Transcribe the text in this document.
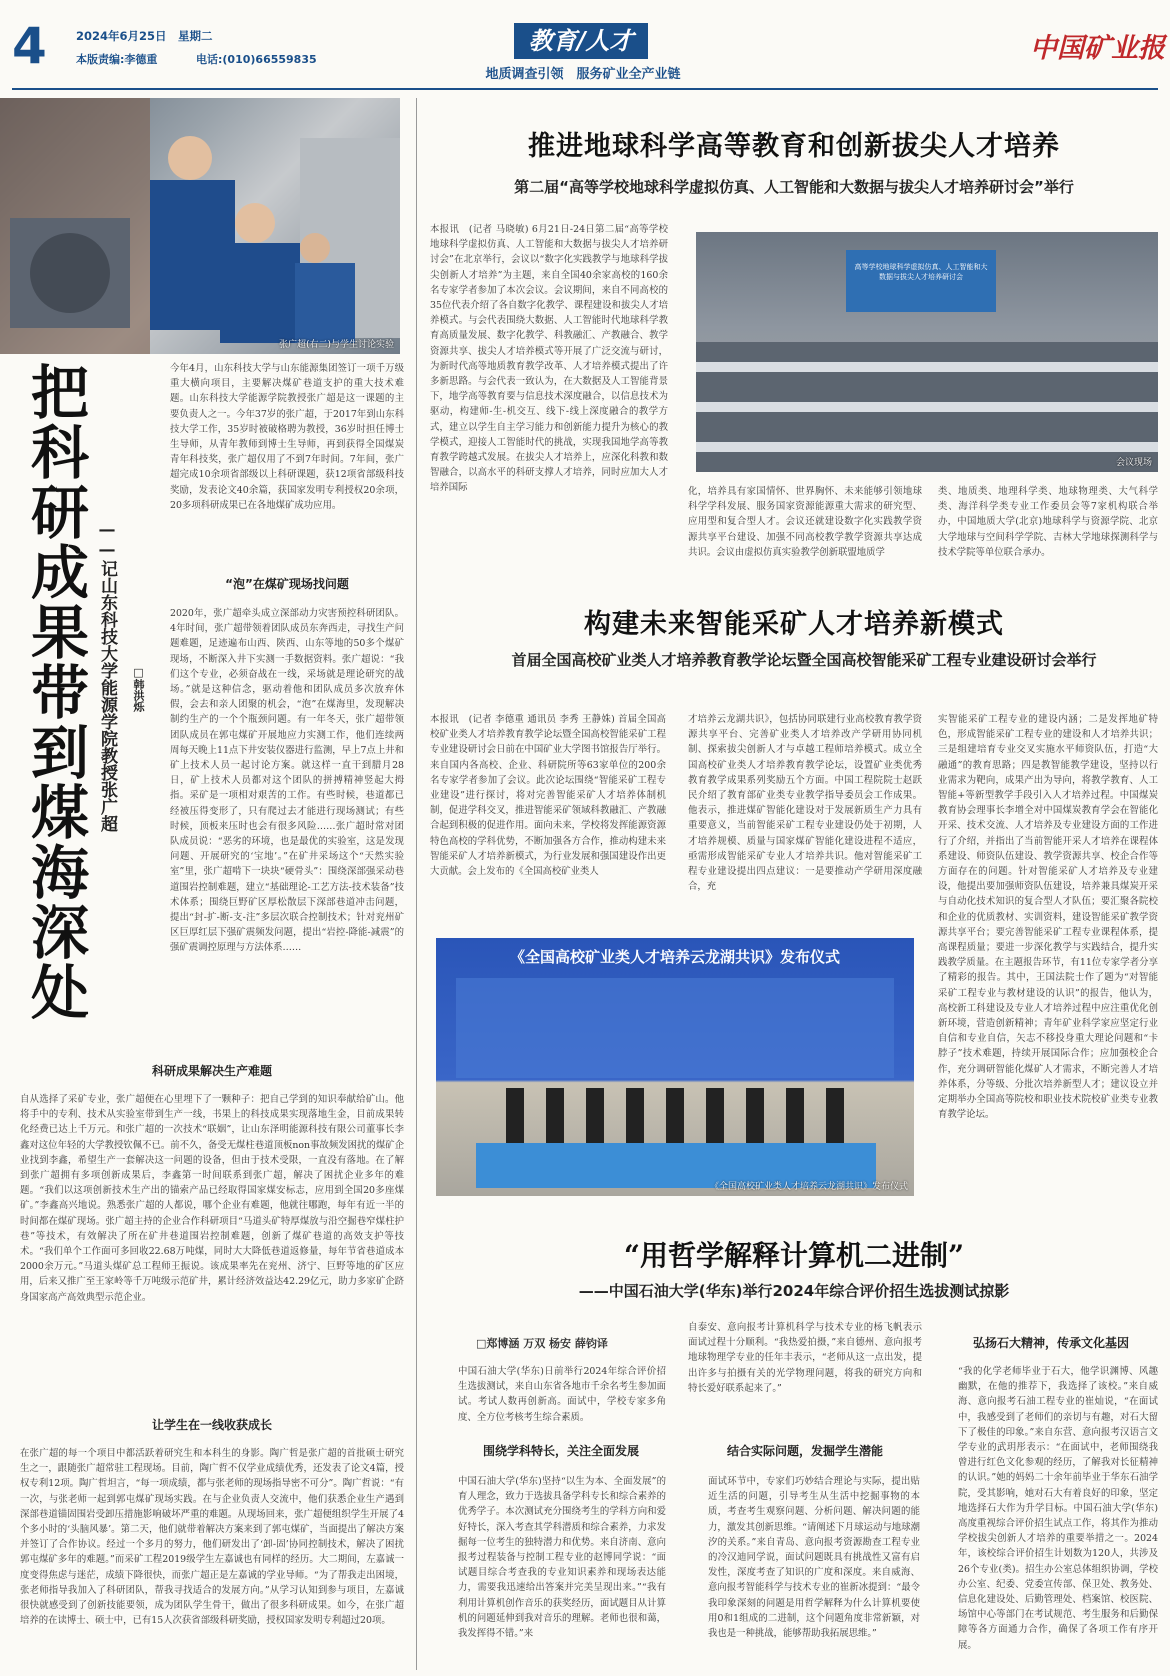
4	2024年6月25日　星期二
本版责编:李德重	电话:(010)66559835
教育/人才
地质调查引领　服务矿业全产业链
中国矿业报
张广超(右二)与学生讨论实验
把科研成果带到煤海深处 ——记山东科技大学能源学院教授张广超 □韩洪烁
今年4月，山东科技大学与山东能源集团签订一项千万级重大横向项目，主要解决煤矿巷道支护的重大技术难题。山东科技大学能源学院教授张广超是这一课题的主要负责人之一。今年37岁的张广超，于2017年到山东科技大学工作，35岁时被破格聘为教授，36岁时担任博士生导师，从青年教师到博士生导师，再到获得全国煤炭青年科技奖，张广超仅用了不到7年时间。7年间，张广超完成10余项省部级以上科研课题，获12项省部级科技奖励，发表论文40余篇，获国家发明专利授权20余项，20多项科研成果已在各地煤矿成功应用。
“泡”在煤矿现场找问题
2020年，张广超牵头成立深部动力灾害预控科研团队。4年时间，张广超带领着团队成员东奔西走，寻找生产问题难题，足迹遍布山西、陕西、山东等地的50多个煤矿现场，不断深入井下实测一手数据资料。张广超说：“我们这个专业，必须奋战在一线，采场就是理论研究的战场。”就是这种信念，驱动着他和团队成员多次放弃休假，会去和亲人团聚的机会，“泡”在煤海里，发现解决制约生产的一个个瓶颈问题。有一年冬天，张广超带领团队成员在郭屯煤矿开展地应力实测工作，他们连续两周每天晚上11点下井安装仪器进行监测，早上7点上井和矿上技术人员一起讨论方案。就这样一直干到腊月28日，矿上技术人员都对这个团队的拼搏精神竖起大拇指。采矿是一项相对艰苦的工作。有些时候，巷道都已经被压得变形了，只有爬过去才能进行现场测试；有些时候，顶板来压时也会有很多风险……张广超时常对团队成员说：“恶劣的环境，也是最优的实验室，这是发现问题、开展研究的‘宝地’。”在矿井采场这个“天然实验室”里，张广超啃下一块块“硬骨头”：围绕深部强采动巷道围岩控制难题，建立“基础理论-工艺方法-技术装备”技术体系；围绕巨野矿区厚松散层下深部巷道冲击问题，提出“封-扩-断-支-注”多层次联合控制技术；针对兖州矿区巨厚红层下强矿震频发问题，提出“岩控-降能-减震”的强矿震调控原理与方法体系……
科研成果解决生产难题
自从选择了采矿专业，张广超便在心里埋下了一颗种子：把自己学到的知识奉献给矿山。他将手中的专利、技术从实验室带到生产一线，书果上的科技成果实现落地生金，目前成果转化经费已达上千万元。和张广超的一次技术“联姻”，让山东泽明能源科技有限公司董事长李鑫对这位年轻的大学教授钦佩不已。前不久，备受无煤柱巷道顶板non事故频发困扰的煤矿企业找到李鑫，希望生产一套解决这一问题的设备，但由于技术受限，一直没有落地。在了解到张广超拥有多项创新成果后，李鑫第一时间联系到张广超，解决了困扰企业多年的难题。“我们以这项创新技术生产出的锚索产品已经取得国家煤安标志，应用到全国20多座煤矿。”李鑫高兴地说。熟悉张广超的人都说，哪个企业有难题，他就往哪跑，每年有近一半的时间都在煤矿现场。张广超主持的企业合作科研项目“马道头矿特厚煤放与沿空掘巷窄煤柱护巷”等技术，有效解决了所在矿井巷道围岩控制难题，创新了煤矿巷道的高效支护等技术。“我们单个工作面可多回收22.68万吨煤，同时大大降低巷道返修量，每年节省巷道成本2000余万元。”马道头煤矿总工程师王振说。该成果率先在兖州、济宁、巨野等地的矿区应用，后来又推广至王家岭等千万吨级示范矿井，累计经济效益达42.29亿元，助力多家矿企跻身国家高产高效典型示范企业。
让学生在一线收获成长
在张广超的每一个项目中都活跃着研究生和本科生的身影。陶广哲是张广超的首批硕士研究生之一，跟随张广超常驻工程现场。目前，陶广哲不仅学业成绩优秀，还发表了论文4篇，授权专利12项。陶广哲坦言，“每一项成绩，都与张老师的现场指导密不可分”。陶广哲说：“有一次，与张老师一起到郭屯煤矿现场实践。在与企业负责人交流中，他们获悉企业生产遇到深部巷道锚固围岩受卸压措施影响破坏严重的难题。从现场回来，张广超便组织学生开展了4个多小时的‘头脑风暴’。第二天，他们就带着解决方案来到了郭屯煤矿，当面提出了解决方案并签订了合作协议。经过一个多月的努力，他们研发出了‘卸-固’协同控制技术，解决了困扰郭屯煤矿多年的难题。”而采矿工程2019级学生左嘉诚也有同样的经历。大二期间，左嘉诚一度变得焦虑与迷茫，成绩下降很快，而张广超正是左嘉诚的学业导师。“为了帮我走出困境，张老师指导我加入了科研团队，帮我寻找适合的发展方向。”从学习认知到参与项目，左嘉诚很快就感受到了创新技能要领，成为团队学生骨干，做出了很多科研成果。如今，在张广超培养的在读博士、硕士中，已有15人次获省部级科研奖励，授权国家发明专利超过20项。
推进地球科学高等教育和创新拔尖人才培养
第二届“高等学校地球科学虚拟仿真、人工智能和大数据与拔尖人才培养研讨会”举行
本报讯　(记者 马晓敏) 6月21日-24日第二届“高等学校地球科学虚拟仿真、人工智能和大数据与拔尖人才培养研讨会”在北京举行，会议以“数字化实践教学与地球科学拔尖创新人才培养”为主题，来自全国40余家高校的160余名专家学者参加了本次会议。会议期间，来自不同高校的35位代表介绍了各自数字化教学、课程建设和拔尖人才培养模式。与会代表围绕大数据、人工智能时代地球科学教育高质量发展、数字化教学、科教融汇、产教融合、教学资源共享、拔尖人才培养模式等开展了广泛交流与研讨，为新时代高等地质教育教学改革、人才培养模式提出了许多新思路。与会代表一致认为，在大数据及人工智能背景下，地学高等教育要与信息技术深度融合，以信息技术为驱动，构建师-生-机交互、线下-线上深度融合的教学方式，建立以学生自主学习能力和创新能力提升为核心的教学模式，迎接人工智能时代的挑战，实现我国地学高等教育教学跨越式发展。在拔尖人才培养上，应深化科教和数智融合，以高水平的科研支撑人才培养，同时应加大人才培养国际
高等学校地球科学虚拟仿真、人工智能和大数据与拔尖人才培养研讨会
会议现场
化，培养具有家国情怀、世界胸怀、未来能够引领地球科学学科发展、服务国家资源能源重大需求的研究型、应用型和复合型人才。会议还就建设数字化实践教学资源共享平台建设、加强不同高校教学教学资源共享达成共识。会议由虚拟仿真实验教学创新联盟地质学
类、地质类、地理科学类、地球物理类、大气科学类、海洋科学类专业工作委员会等7家机构联合举办，中国地质大学(北京)地球科学与资源学院、北京大学地球与空间科学学院、吉林大学地球探测科学与技术学院等单位联合承办。
构建未来智能采矿人才培养新模式
首届全国高校矿业类人才培养教育教学论坛暨全国高校智能采矿工程专业建设研讨会举行
本报讯　(记者 李德重 通讯员 李秀 王静姝) 首届全国高校矿业类人才培养教育教学论坛暨全国高校智能采矿工程专业建设研讨会日前在中国矿业大学图书馆报告厅举行。来自国内各高校、企业、科研院所等63家单位的200余名专家学者参加了会议。此次论坛围绕“智能采矿工程专业建设”进行探讨，将对完善智能采矿人才培养体制机制，促进学科交叉，推进智能采矿领域科教融汇、产教融合起到积极的促进作用。面向未来，学校将发挥能源资源特色高校的学科优势，不断加强各方合作，推动构建未来智能采矿人才培养新模式，为行业发展和强国建设作出更大贡献。会上发布的《全国高校矿业类人
才培养云龙湖共识》，包括协同联建行业高校教育教学资源共享平台、完善矿业类人才培养改产学研用协同机制、探索拔尖创新人才与卓越工程师培养模式。成立全国高校矿业类人才培养教育教学论坛，设置矿业类优秀教育教学成果系列奖励五个方面。中国工程院院士赵跃民介绍了教育部矿业类专业教学指导委员会工作成果。他表示，推进煤矿智能化建设对于发展新质生产力具有重要意义，当前智能采矿工程专业建设仍处于初期，人才培养规模、质量与国家煤矿智能化建设进程不适应，亟需形成智能采矿专业人才培养共识。他对智能采矿工程专业建设提出四点建议：一是要推动产学研用深度融合，充
实智能采矿工程专业的建设内涵；二是发挥地矿特色，形成智能采矿工程专业的建设和人才培养共识；三是组建培育专业交叉实施水平师资队伍，打造“大融通”的教育思路；四是教智能教学建设，坚持以行业需求为靶向，成果产出为导向，将教学教育、人工智能+等新型教学手段引入人才培养过程。中国煤炭教育协会理事长李增全对中国煤炭教育学会在智能化开采、技术交流、人才培养及专业建设方面的工作进行了介绍，并指出了当前智能开采人才培养在课程体系建设、师资队伍建设、教学资源共享、校企合作等方面存在的问题。针对智能采矿人才培养及专业建设，他提出要加强师资队伍建设，培养兼具煤炭开采与自动化技术知识的复合型人才队伍；要汇聚各院校和企业的优质教材、实训资料，建设智能采矿教学资源共享平台；要完善智能采矿工程专业课程体系，提高课程质量；要进一步深化教学与实践结合，提升实践教学质量。在主题报告环节，有11位专家学者分享了精彩的报告。其中，王国法院士作了题为“对智能采矿工程专业与教材建设的认识”的报告，他认为，高校新工科建设及专业人才培养过程中应注重优化创新环境，营造创新精神；青年矿业科学家应坚定行业自信和专业自信，矢志不移投身重大理论问题和“卡脖子”技术难题，持续开展国际合作；应加强校企合作，充分调研智能化煤矿人才需求，不断完善人才培养体系，分等级、分批次培养新型人才；建议设立并定期举办全国高等院校和职业技术院校矿业类专业教育教学论坛。
《全国高校矿业类人才培养云龙湖共识》发布仪式
《全国高校矿业类人才培养云龙湖共识》发布仪式
“用哲学解释计算机二进制”
——中国石油大学(华东)举行2024年综合评价招生选拔测试掠影
□郑博涵 万双 杨安 薛钧译
中国石油大学(华东)日前举行2024年综合评价招生选拔测试，来自山东省各地市千余名考生参加面试。考试人数再创新高。面试中，学校专家多角度、全方位考核考生综合素质。
围绕学科特长，关注全面发展
中国石油大学(华东)坚持“以生为本、全面发展”的育人理念，致力于选拔具备学科专长和综合素养的优秀学子。本次测试充分围绕考生的学科方向和爱好特长，深入考查其学科潜质和综合素养，力求发掘每一位考生的独特潜力和优势。来自济南、意向报考过程装备与控制工程专业的赵博同学说：“面试题目综合考查我的专业知识素养和现场表达能力，需要我迅速给出答案并完美呈现出来。”“我有利用计算机创作音乐的获奖经历，面试题目从计算机的问题延伸到我对音乐的理解。老师也很和蔼，我发挥得不错。”来
自泰安、意向报考计算机科学与技术专业的杨飞帆表示面试过程十分顺利。“我热爱拍摄，”来自德州、意向报考地球物理学专业的任年丰表示，“老师从这一点出发，提出许多与拍摄有关的光学物理问题，将我的研究方向和特长爱好联系起来了。”
结合实际问题，发掘学生潜能
面试环节中，专家们巧妙结合理论与实际，提出贴近生活的问题，引导考生从生活中挖掘事物的本质，考查考生观察问题、分析问题、解决问题的能力，激发其创新思维。“请阐述下月球运动与地球潮汐的关系。”来自青岛、意向报考资源勘查工程专业的冷汉迪同学说，面试问题既具有挑战性又富有启发性，深度考查了知识的广度和深度。来自威海、意向报考智能科学与技术专业的崔新冰提到：“最令我印象深刻的问题是用哲学解释为什么计算机要使用0和1组成的二进制，这个问题角度非常新颖，对我也是一种挑战，能够帮助我拓展思维。”
弘扬石大精神，传承文化基因
“我的化学老师毕业于石大，他学识渊博、风趣幽默，在他的推荐下，我选择了该校。”来自威海、意向报考石油工程专业的崔灿说，“在面试中，我感受到了老师们的亲切与有趣，对石大留下了极佳的印象。”来自东营、意向报考汉语言文学专业的武玥彤表示：“在面试中，老师围绕我曾进行红色文化参观的经历，了解我对长征精神的认识。”她的妈妈二十余年前毕业于华东石油学院，受其影响，她对石大有着良好的印象，坚定地选择石大作为升学目标。中国石油大学(华东)高度重视综合评价招生试点工作，将其作为推动学校拔尖创新人才培养的重要举措之一。2024年，该校综合评价招生计划数为120人，共涉及26个专业(类)。招生办公室总体组织协调，学校办公室、纪委、党委宣传部、保卫处、教务处、信息化建设处、后勤管理处、档案馆、校医院、场馆中心等部门在考试规范、考生服务和后勤保障等各方面通力合作，确保了各项工作有序开展。
